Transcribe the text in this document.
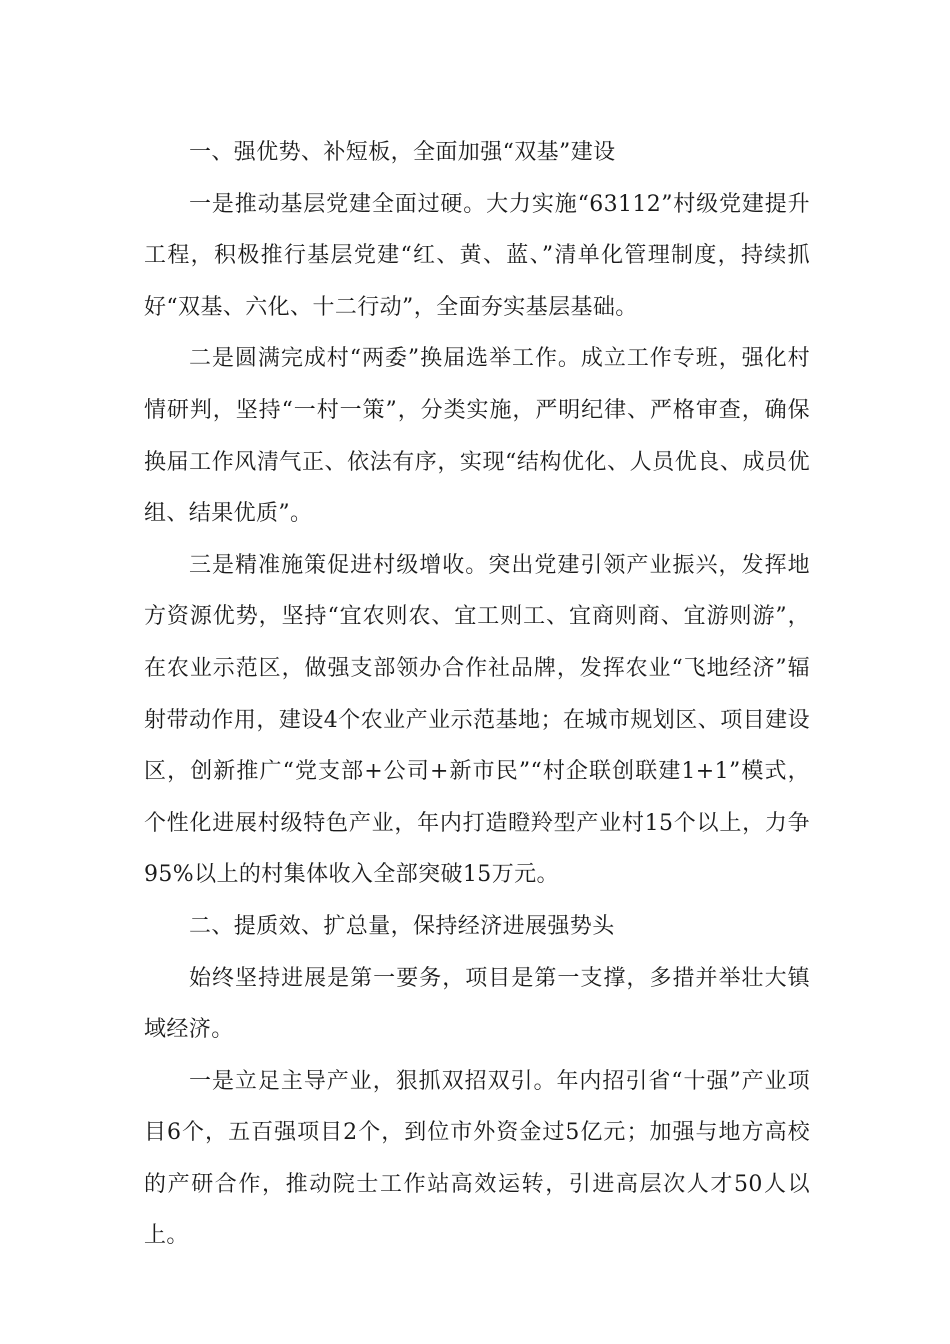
一、强优势、补短板，全面加强“双基”建设

一是推动基层党建全面过硬。大力实施“63112”村级党建提升工程，积极推行基层党建“红、黄、蓝、”清单化管理制度，持续抓好“双基、六化、十二行动”，全面夯实基层基础。

二是圆满完成村“两委”换届选举工作。成立工作专班，强化村情研判，坚持“一村一策”，分类实施，严明纪律、严格审查，确保换届工作风清气正、依法有序，实现“结构优化、人员优良、成员优组、结果优质”。

三是精准施策促进村级增收。突出党建引领产业振兴，发挥地方资源优势，坚持“宜农则农、宜工则工、宜商则商、宜游则游”，在农业示范区，做强支部领办合作社品牌，发挥农业“飞地经济”辐射带动作用，建设4个农业产业示范基地；在城市规划区、项目建设区，创新推广“党支部+公司+新市民”“村企联创联建1+1”模式，个性化进展村级特色产业，年内打造瞪羚型产业村15个以上，力争95%以上的村集体收入全部突破15万元。

二、提质效、扩总量，保持经济进展强势头

始终坚持进展是第一要务，项目是第一支撑，多措并举壮大镇域经济。

一是立足主导产业，狠抓双招双引。年内招引省“十强”产业项目6个，五百强项目2个，到位市外资金过5亿元；加强与地方高校的产研合作，推动院士工作站高效运转，引进高层次人才50人以上。
